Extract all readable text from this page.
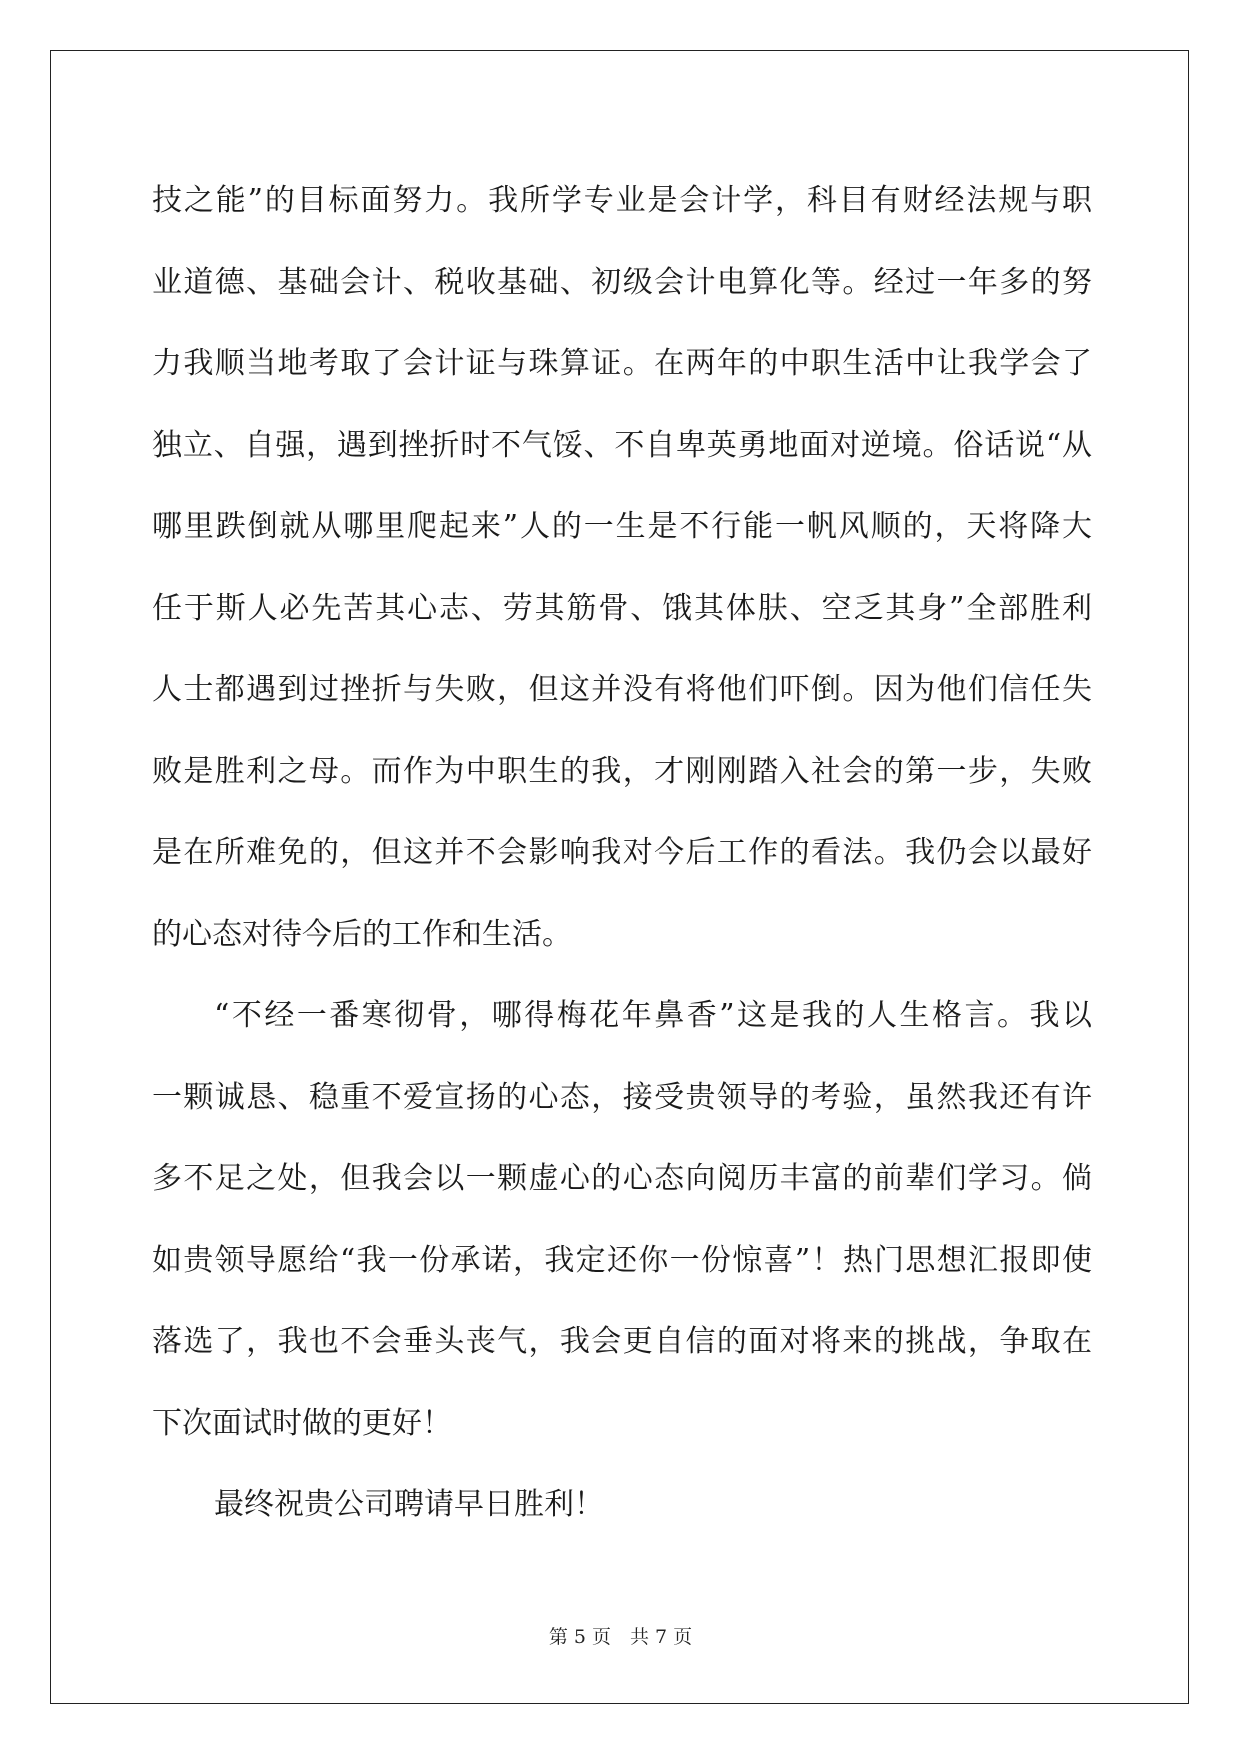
技之能”的目标面努力。我所学专业是会计学，科目有财经法规与职
业道德、基础会计、税收基础、初级会计电算化等。经过一年多的努
力我顺当地考取了会计证与珠算证。在两年的中职生活中让我学会了
独立、自强，遇到挫折时不气馁、不自卑英勇地面对逆境。俗话说“从
哪里跌倒就从哪里爬起来”人的一生是不行能一帆风顺的，天将降大
任于斯人必先苦其心志、劳其筋骨、饿其体肤、空乏其身”全部胜利
人士都遇到过挫折与失败，但这并没有将他们吓倒。因为他们信任失
败是胜利之母。而作为中职生的我，才刚刚踏入社会的第一步，失败
是在所难免的，但这并不会影响我对今后工作的看法。我仍会以最好
的心态对待今后的工作和生活。
“不经一番寒彻骨，哪得梅花年鼻香”这是我的人生格言。我以
一颗诚恳、稳重不爱宣扬的心态，接受贵领导的考验，虽然我还有许
多不足之处，但我会以一颗虚心的心态向阅历丰富的前辈们学习。倘
如贵领导愿给“我一份承诺，我定还你一份惊喜”！热门思想汇报即使
落选了，我也不会垂头丧气，我会更自信的面对将来的挑战，争取在
下次面试时做的更好！
最终祝贵公司聘请早日胜利！
第 5 页　共 7 页
